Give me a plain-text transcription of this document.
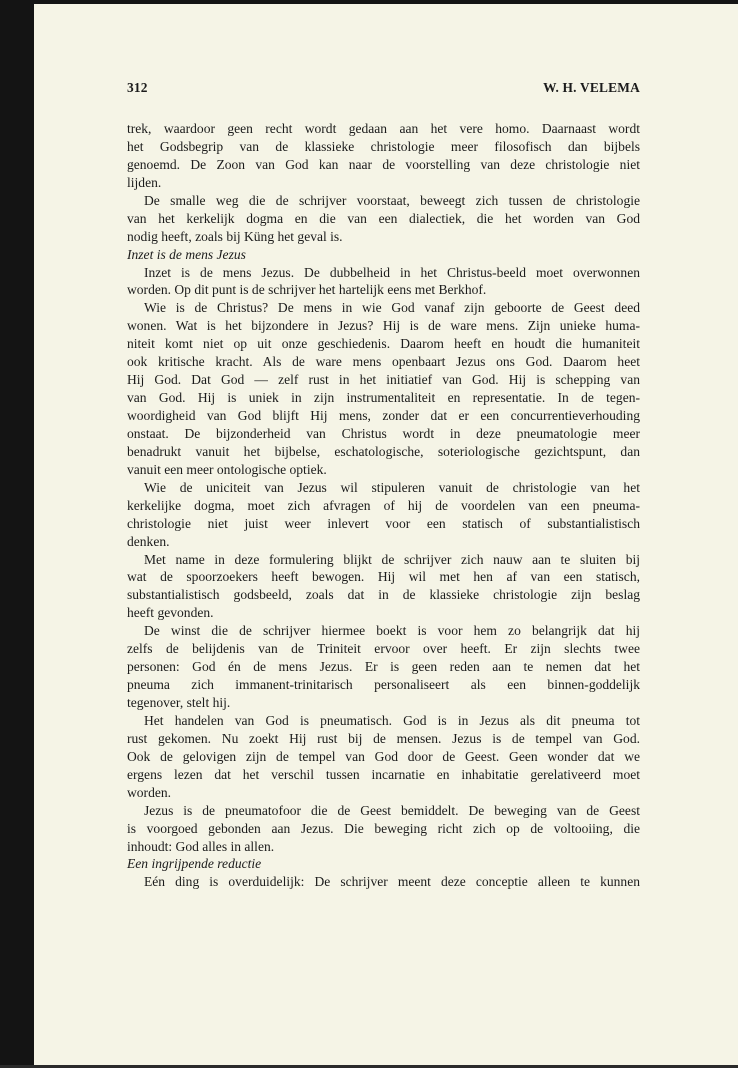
312	W. H. VELEMA
trek, waardoor geen recht wordt gedaan aan het vere homo. Daarnaast wordt
het Godsbegrip van de klassieke christologie meer filosofisch dan bijbels
genoemd. De Zoon van God kan naar de voorstelling van deze christologie niet
lijden.
De smalle weg die de schrijver voorstaat, beweegt zich tussen de christologie
van het kerkelijk dogma en die van een dialectiek, die het worden van God
nodig heeft, zoals bij Küng het geval is.
Inzet is de mens Jezus
Inzet is de mens Jezus. De dubbelheid in het Christus-beeld moet overwonnen
worden. Op dit punt is de schrijver het hartelijk eens met Berkhof.
Wie is de Christus? De mens in wie God vanaf zijn geboorte de Geest deed
wonen. Wat is het bijzondere in Jezus? Hij is de ware mens. Zijn unieke huma-
niteit komt niet op uit onze geschiedenis. Daarom heeft en houdt die humaniteit
ook kritische kracht. Als de ware mens openbaart Jezus ons God. Daarom heet
Hij God. Dat God — zelf rust in het initiatief van God. Hij is schepping van
van God. Hij is uniek in zijn instrumentaliteit en representatie. In de tegen-
woordigheid van God blijft Hij mens, zonder dat er een concurrentieverhouding
onstaat. De bijzonderheid van Christus wordt in deze pneumatologie meer
benadrukt vanuit het bijbelse, eschatologische, soteriologische gezichtspunt, dan
vanuit een meer ontologische optiek.
Wie de uniciteit van Jezus wil stipuleren vanuit de christologie van het
kerkelijke dogma, moet zich afvragen of hij de voordelen van een pneuma-
christologie niet juist weer inlevert voor een statisch of substantialistisch
denken.
Met name in deze formulering blijkt de schrijver zich nauw aan te sluiten bij
wat de spoorzoekers heeft bewogen. Hij wil met hen af van een statisch,
substantialistisch godsbeeld, zoals dat in de klassieke christologie zijn beslag
heeft gevonden.
De winst die de schrijver hiermee boekt is voor hem zo belangrijk dat hij
zelfs de belijdenis van de Triniteit ervoor over heeft. Er zijn slechts twee
personen: God én de mens Jezus. Er is geen reden aan te nemen dat het
pneuma zich immanent-trinitarisch personaliseert als een binnen-goddelijk
tegenover, stelt hij.
Het handelen van God is pneumatisch. God is in Jezus als dit pneuma tot
rust gekomen. Nu zoekt Hij rust bij de mensen. Jezus is de tempel van God.
Ook de gelovigen zijn de tempel van God door de Geest. Geen wonder dat we
ergens lezen dat het verschil tussen incarnatie en inhabitatie gerelativeerd moet
worden.
Jezus is de pneumatofoor die de Geest bemiddelt. De beweging van de Geest
is voorgoed gebonden aan Jezus. Die beweging richt zich op de voltooiing, die
inhoudt: God alles in allen.
Een ingrijpende reductie
Eén ding is overduidelijk: De schrijver meent deze conceptie alleen te kunnen
